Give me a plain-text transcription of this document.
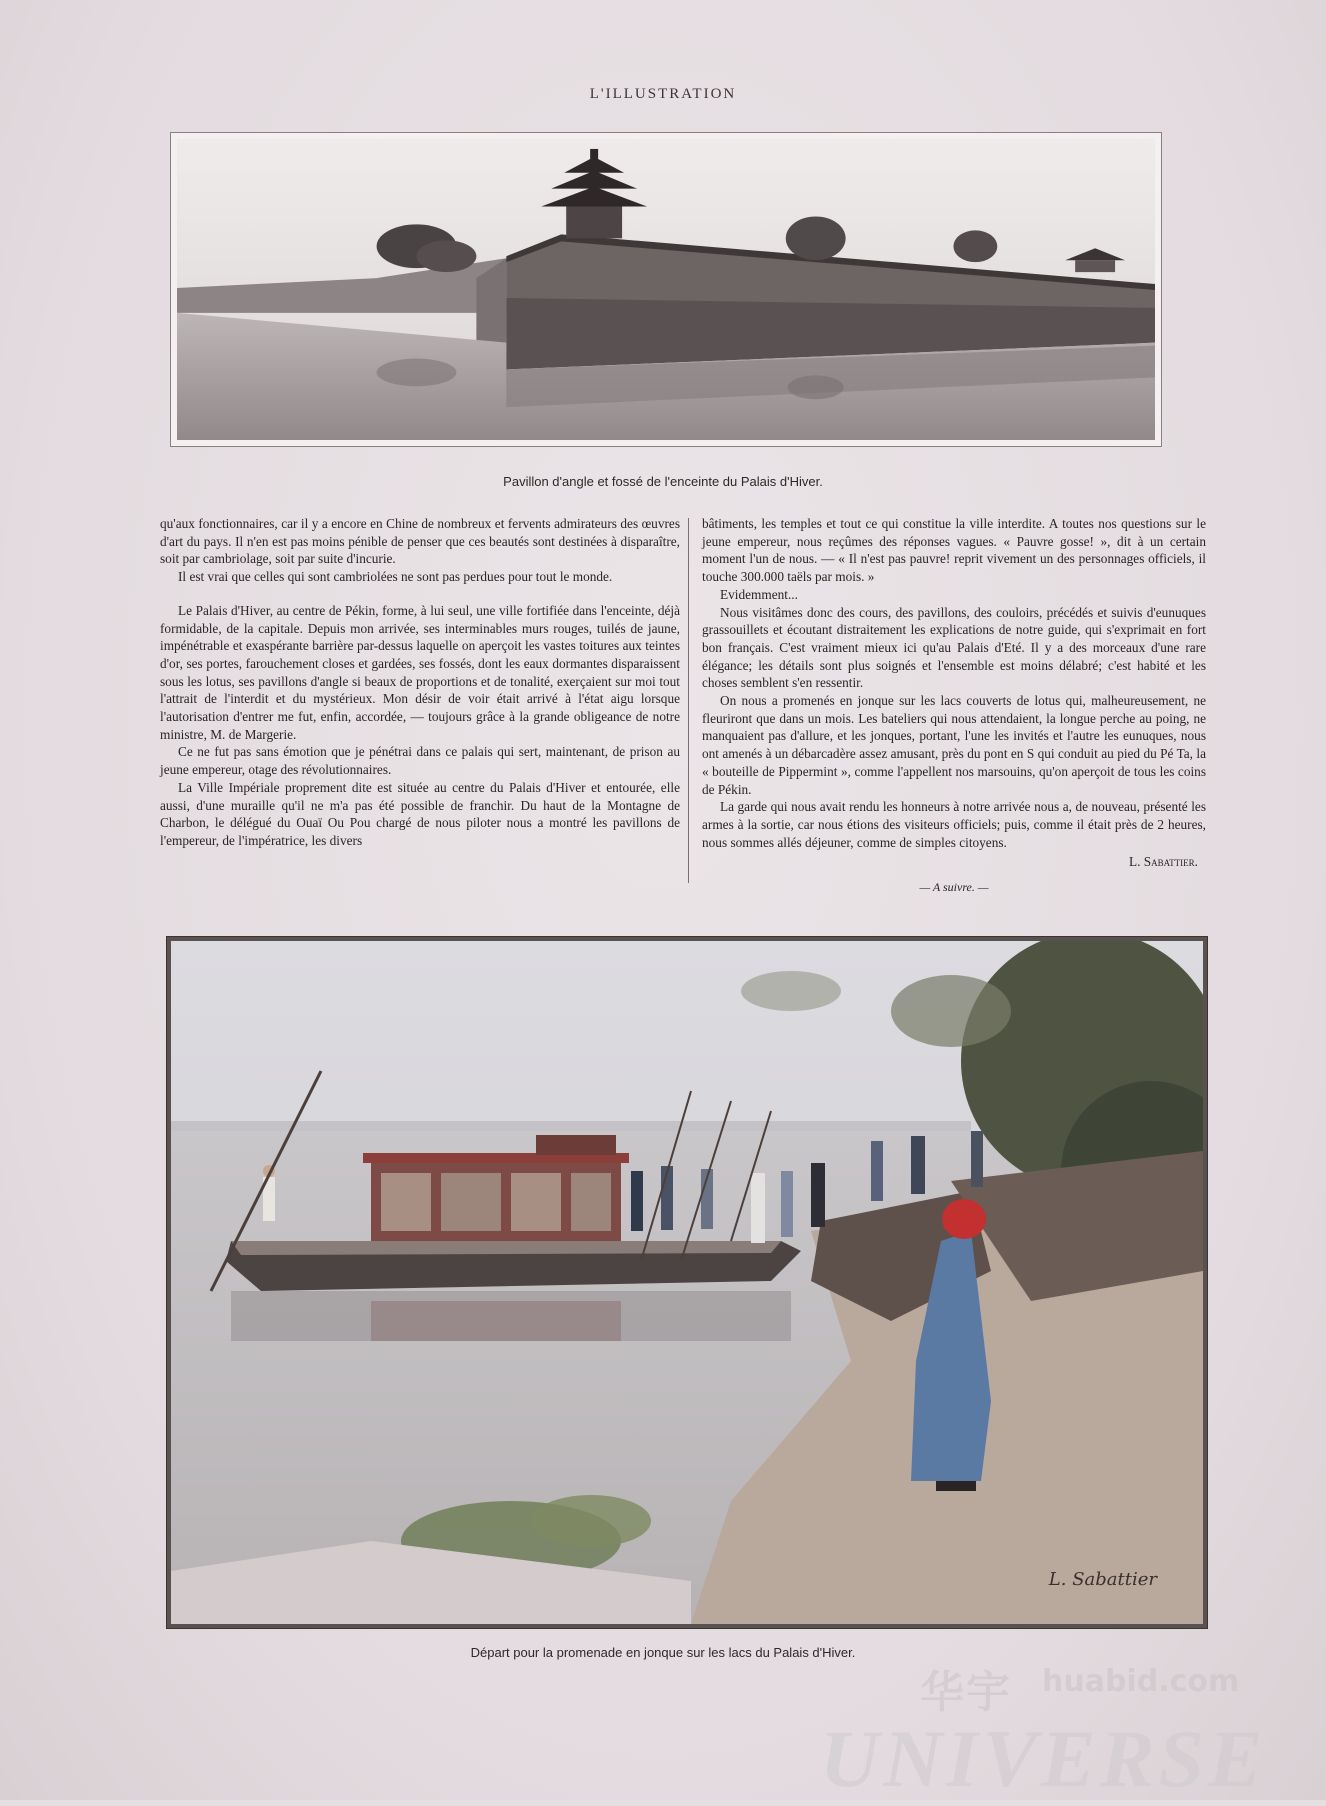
L'ILLUSTRATION
Pavillon d'angle et fossé de l'enceinte du Palais d'Hiver.

qu'aux fonctionnaires, car il y a encore en Chine de nombreux et fervents admirateurs des œuvres d'art du pays. Il n'en est pas moins pénible de penser que ces beautés sont destinées à disparaître, soit par cambriolage, soit par suite d'incurie.

Il est vrai que celles qui sont cambriolées ne sont pas perdues pour tout le monde.

Le Palais d'Hiver, au centre de Pékin, forme, à lui seul, une ville fortifiée dans l'enceinte, déjà formidable, de la capitale. Depuis mon arrivée, ses interminables murs rouges, tuilés de jaune, impénétrable et exaspérante barrière par-dessus laquelle on aperçoit les vastes toitures aux teintes d'or, ses portes, farouchement closes et gardées, ses fossés, dont les eaux dormantes disparaissent sous les lotus, ses pavillons d'angle si beaux de proportions et de tonalité, exerçaient sur moi tout l'attrait de l'interdit et du mystérieux. Mon désir de voir était arrivé à l'état aigu lorsque l'autorisation d'entrer me fut, enfin, accordée, — toujours grâce à la grande obligeance de notre ministre, M. de Margerie.

Ce ne fut pas sans émotion que je pénétrai dans ce palais qui sert, maintenant, de prison au jeune empereur, otage des révolutionnaires.

La Ville Impériale proprement dite est située au centre du Palais d'Hiver et entourée, elle aussi, d'une muraille qu'il ne m'a pas été possible de franchir. Du haut de la Montagne de Charbon, le délégué du Ouaï Ou Pou chargé de nous piloter nous a montré les pavillons de l'empereur, de l'impératrice, les divers

bâtiments, les temples et tout ce qui constitue la ville interdite. A toutes nos questions sur le jeune empereur, nous reçûmes des réponses vagues. « Pauvre gosse! », dit à un certain moment l'un de nous. — « Il n'est pas pauvre! reprit vivement un des personnages officiels, il touche 300.000 taëls par mois. »

Evidemment...

Nous visitâmes donc des cours, des pavillons, des couloirs, précédés et suivis d'eunuques grassouillets et écoutant distraitement les explications de notre guide, qui s'exprimait en fort bon français. C'est vraiment mieux ici qu'au Palais d'Eté. Il y a des morceaux d'une rare élégance; les détails sont plus soignés et l'ensemble est moins délabré; c'est habité et les choses semblent s'en ressentir.

On nous a promenés en jonque sur les lacs couverts de lotus qui, malheureusement, ne fleuriront que dans un mois. Les bateliers qui nous attendaient, la longue perche au poing, ne manquaient pas d'allure, et les jonques, portant, l'une les invités et l'autre les eunuques, nous ont amenés à un débarcadère assez amusant, près du pont en S qui conduit au pied du Pé Ta, la « bouteille de Pippermint », comme l'appellent nos marsouins, qu'on aperçoit de tous les coins de Pékin.

La garde qui nous avait rendu les honneurs à notre arrivée nous a, de nouveau, présenté les armes à la sortie, car nous étions des visiteurs officiels; puis, comme il était près de 2 heures, nous sommes allés déjeuner, comme de simples citoyens.

L. Sabattier.
— A suivre. —
L. Sabattier
Départ pour la promenade en jonque sur les lacs du Palais d'Hiver.
华宇 huabid.com
UNIVERSE
